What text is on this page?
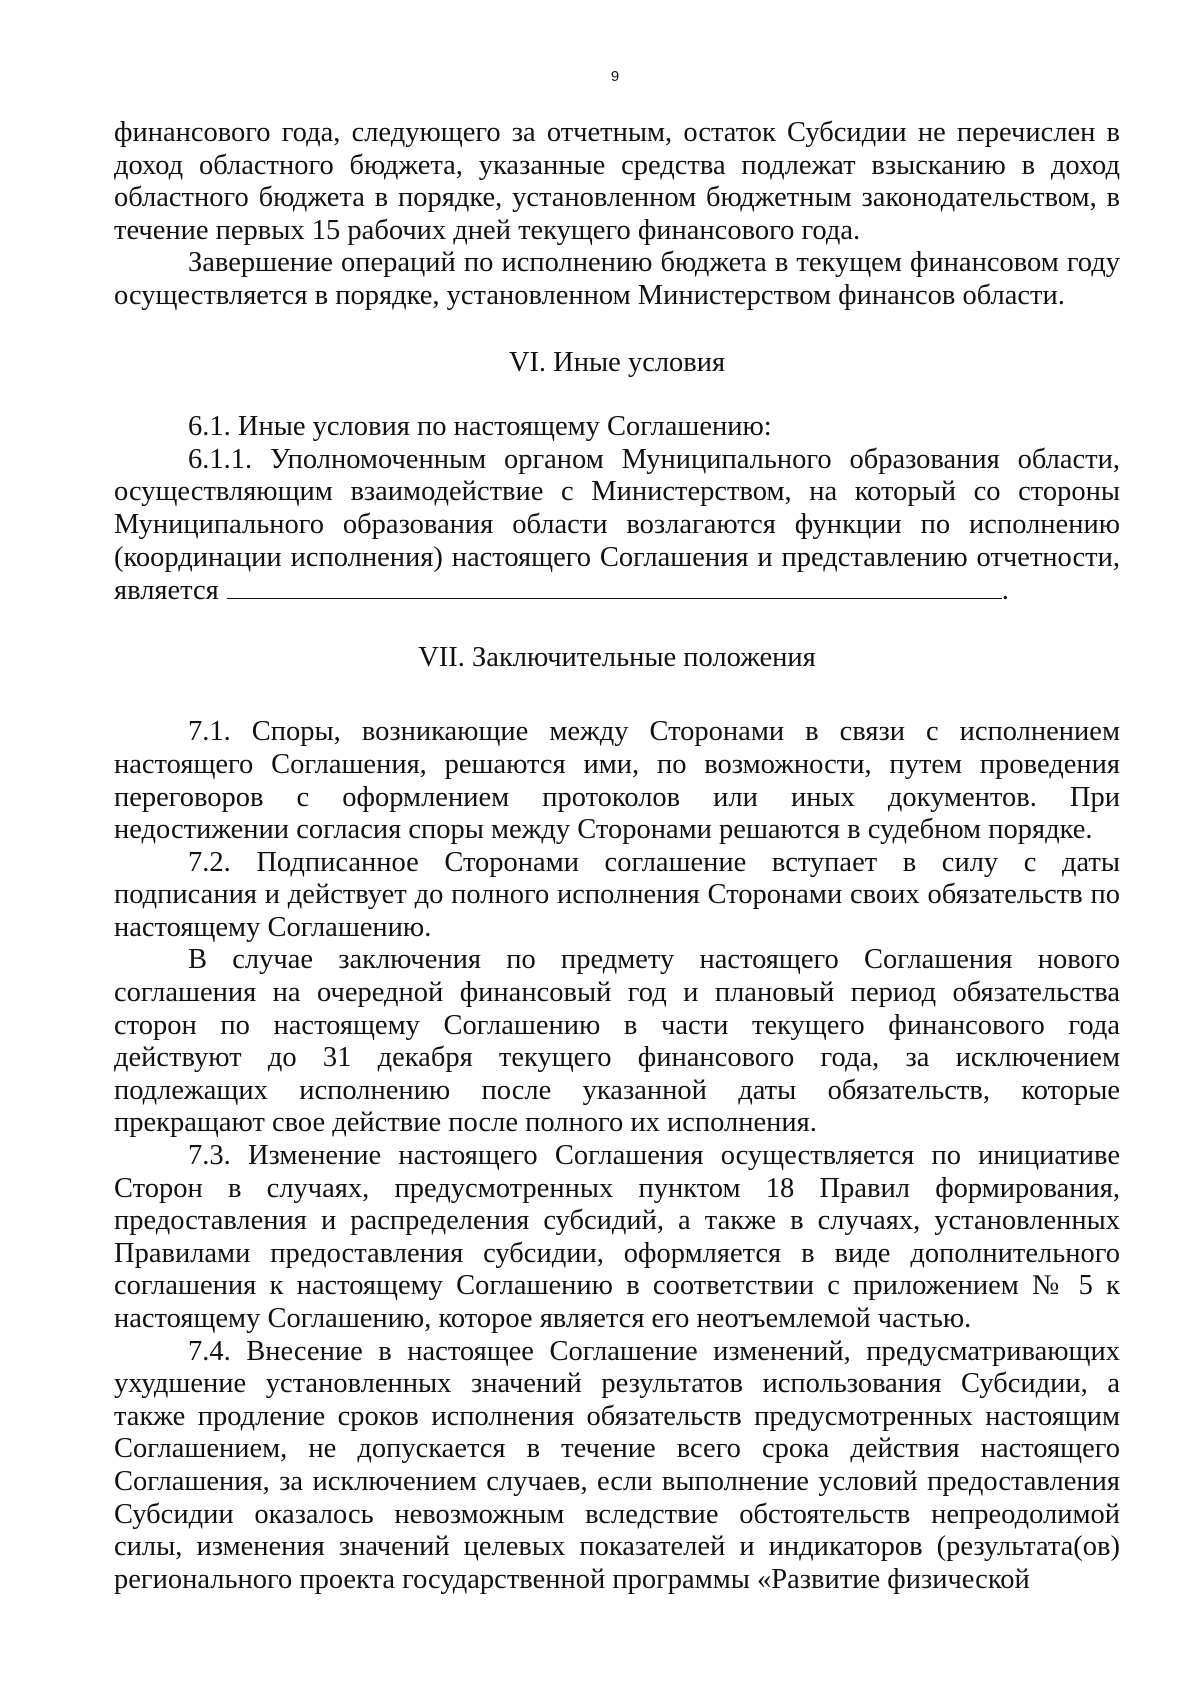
9

финансового года, следующего за отчетным, остаток Субсидии не перечислен в доход областного бюджета, указанные средства подлежат взысканию в доход областного бюджета в порядке, установленном бюджетным законодательством, в течение первых 15 рабочих дней текущего финансового года.

Завершение операций по исполнению бюджета в текущем финансовом году осуществляется в порядке, установленном Министерством финансов области.

VI. Иные условия

6.1. Иные условия по настоящему Соглашению:

6.1.1. Уполномоченным органом Муниципального образования области, осуществляющим взаимодействие с Министерством, на который со стороны Муниципального образования области возлагаются функции по исполнению (координации исполнения) настоящего Соглашения и представлению отчетности, является	.

VII. Заключительные положения

7.1. Споры, возникающие между Сторонами в связи с исполнением настоящего Соглашения, решаются ими, по возможности, путем проведения переговоров с оформлением протоколов или иных документов. При недостижении согласия споры между Сторонами решаются в судебном порядке.

7.2. Подписанное Сторонами соглашение вступает в силу с даты подписания и действует до полного исполнения Сторонами своих обязательств по настоящему Соглашению.

В случае заключения по предмету настоящего Соглашения нового соглашения на очередной финансовый год и плановый период обязательства сторон по настоящему Соглашению в части текущего финансового года действуют до 31 декабря текущего финансового года, за исключением подлежащих исполнению после указанной даты обязательств, которые прекращают свое действие после полного их исполнения.

7.3. Изменение настоящего Соглашения осуществляется по инициативе Сторон в случаях, предусмотренных пунктом 18 Правил формирования, предоставления и распределения субсидий, а также в случаях, установленных Правилами предоставления субсидии, оформляется в виде дополнительного соглашения к настоящему Соглашению в соответствии с приложением № 5 к настоящему Соглашению, которое является его неотъемлемой частью.

7.4. Внесение в настоящее Соглашение изменений, предусматривающих ухудшение установленных значений результатов использования Субсидии, а также продление сроков исполнения обязательств предусмотренных настоящим Соглашением, не допускается в течение всего срока действия настоящего Соглашения, за исключением случаев, если выполнение условий предоставления Субсидии оказалось невозможным вследствие обстоятельств непреодолимой силы, изменения значений целевых показателей и индикаторов (результата(ов) регионального проекта государственной программы «Развитие физической
